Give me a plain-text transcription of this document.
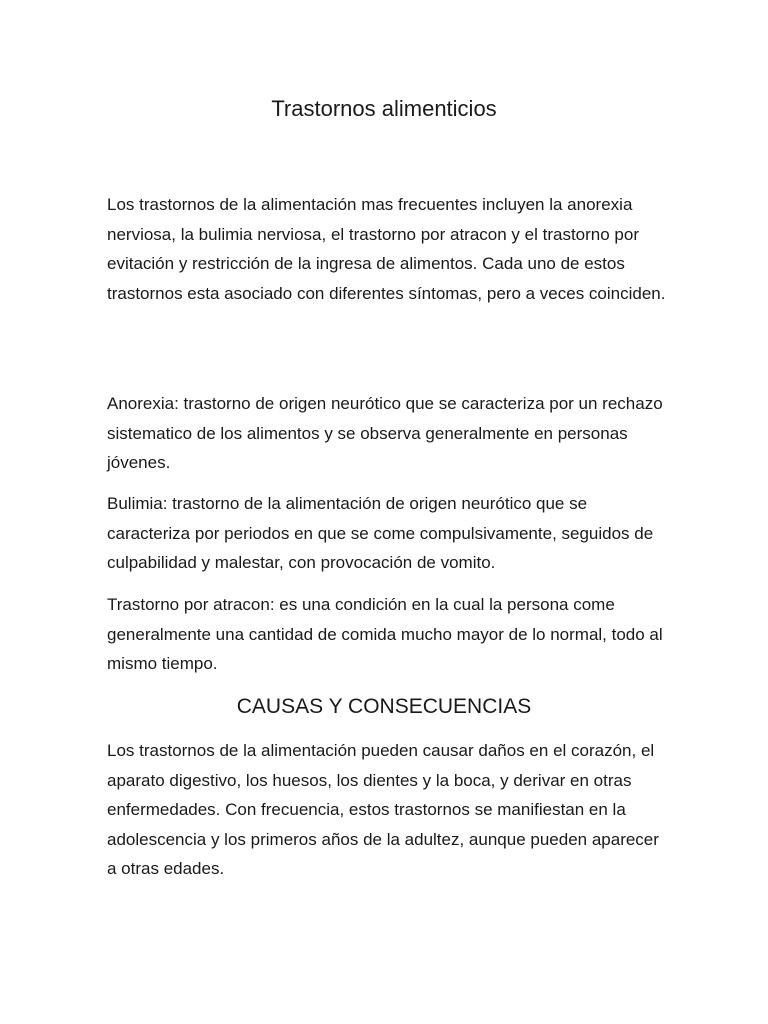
Trastornos alimenticios

Los trastornos de la alimentación mas frecuentes incluyen la anorexia nerviosa, la bulimia nerviosa, el trastorno por atracon y el trastorno por evitación y restricción de la ingresa de alimentos. Cada uno de estos trastornos esta asociado con diferentes síntomas, pero a veces coinciden.

Anorexia: trastorno de origen neurótico que se caracteriza por un rechazo sistematico de los alimentos y se observa generalmente en personas jóvenes.

Bulimia: trastorno de la alimentación de origen neurótico que se caracteriza por periodos en que se come compulsivamente, seguidos de culpabilidad y malestar, con provocación de vomito.

Trastorno por atracon: es una condición en la cual la persona come generalmente una cantidad de comida mucho mayor de lo normal, todo al mismo tiempo.

CAUSAS Y CONSECUENCIAS

Los trastornos de la alimentación pueden causar daños en el corazón, el aparato digestivo, los huesos, los dientes y la boca, y derivar en otras enfermedades. Con frecuencia, estos trastornos se manifiestan en la adolescencia y los primeros años de la adultez, aunque pueden aparecer a otras edades.
